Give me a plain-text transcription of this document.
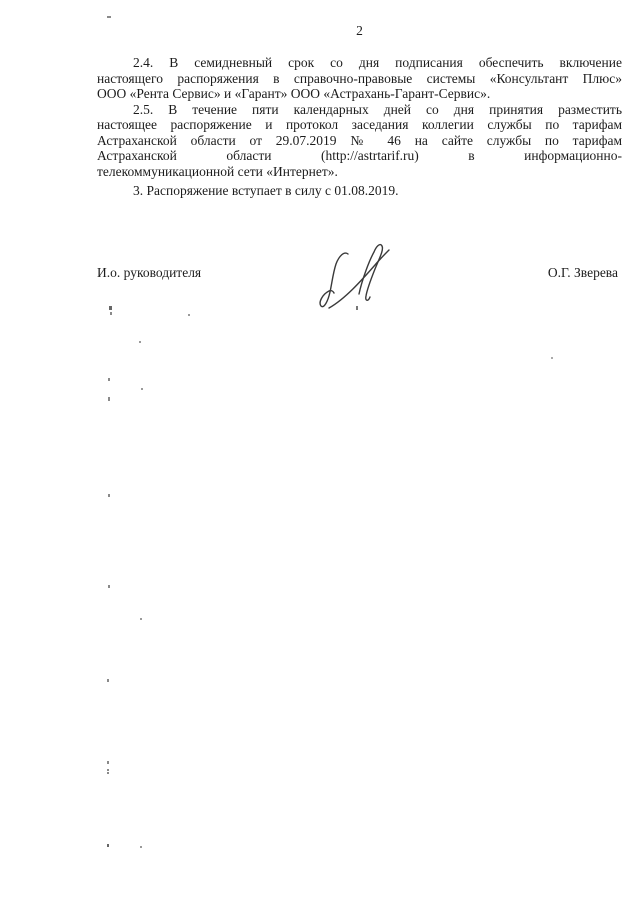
2
2.4. В семидневный срок со дня подписания обеспечить включение
настоящего распоряжения в справочно-правовые системы «Консультант Плюс»
ООО «Рента Сервис» и «Гарант» ООО «Астрахань-Гарант-Сервис».
2.5. В течение пяти календарных дней со дня принятия разместить
настоящее распоряжение и протокол заседания коллегии службы по тарифам
Астраханской области от 29.07.2019 № 46 на сайте службы по тарифам
Астраханской области (http://astrtarif.ru) в информационно-
телекоммуникационной сети «Интернет».
3. Распоряжение вступает в силу с 01.08.2019.
И.о. руководителя	О.Г. Зверева
